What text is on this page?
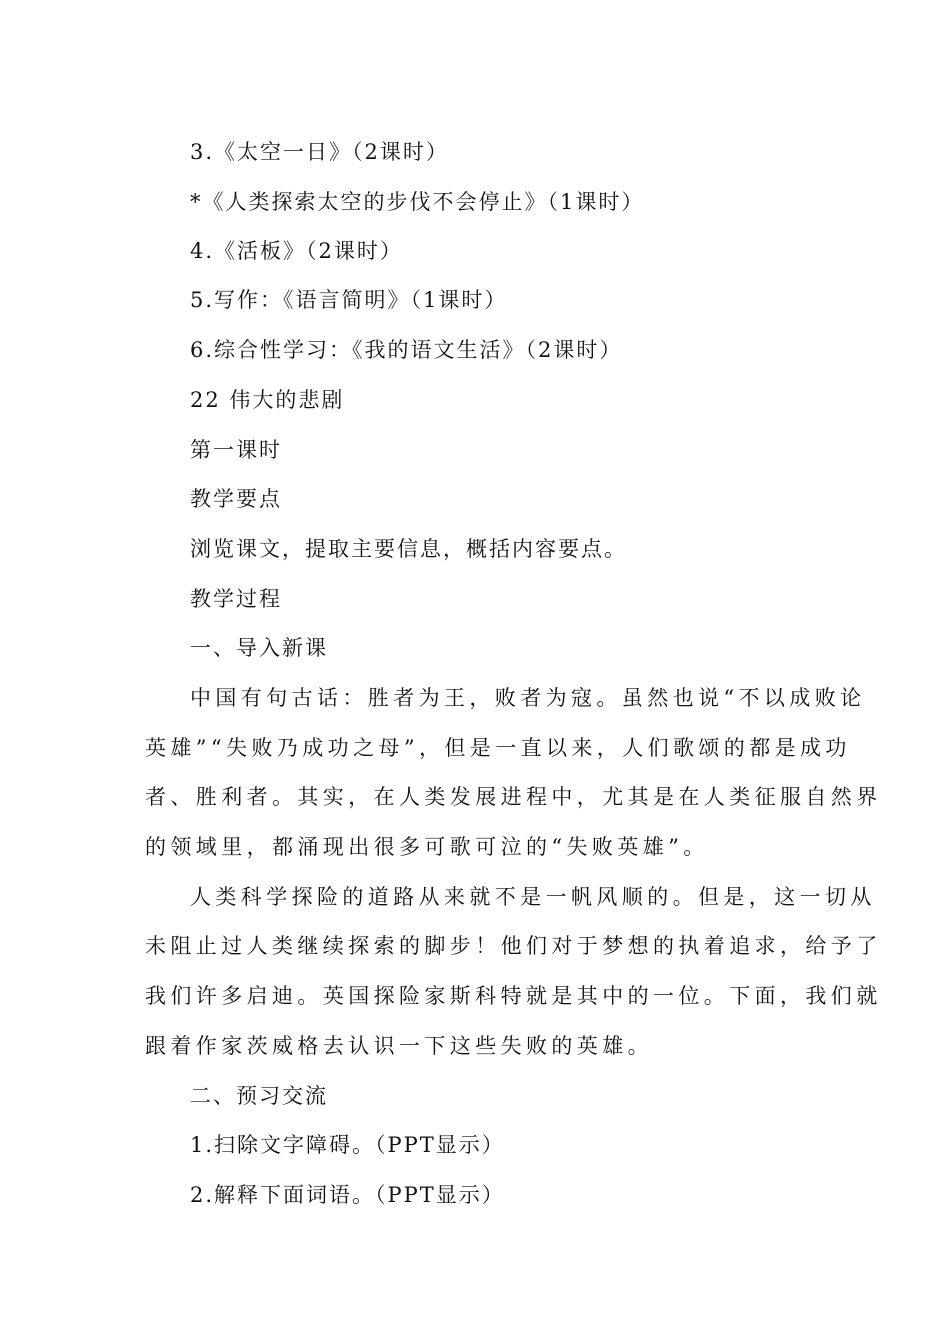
3.《太空一日》（2课时）
*《人类探索太空的步伐不会停止》（1课时）
4.《活板》（2课时）
5.写作：《语言简明》（1课时）
6.综合性学习：《我的语文生活》（2课时）
22 伟大的悲剧
第一课时
教学要点
浏览课文，提取主要信息，概括内容要点。
教学过程
一、导入新课
中国有句古话：胜者为王，败者为寇。虽然也说“不以成败论
英雄”“失败乃成功之母”，但是一直以来，人们歌颂的都是成功
者、胜利者。其实，在人类发展进程中，尤其是在人类征服自然界
的领域里，都涌现出很多可歌可泣的“失败英雄”。
人类科学探险的道路从来就不是一帆风顺的。但是，这一切从
未阻止过人类继续探索的脚步！他们对于梦想的执着追求，给予了
我们许多启迪。英国探险家斯科特就是其中的一位。下面，我们就
跟着作家茨威格去认识一下这些失败的英雄。
二、预习交流
1.扫除文字障碍。（PPT显示）
2.解释下面词语。（PPT显示）
